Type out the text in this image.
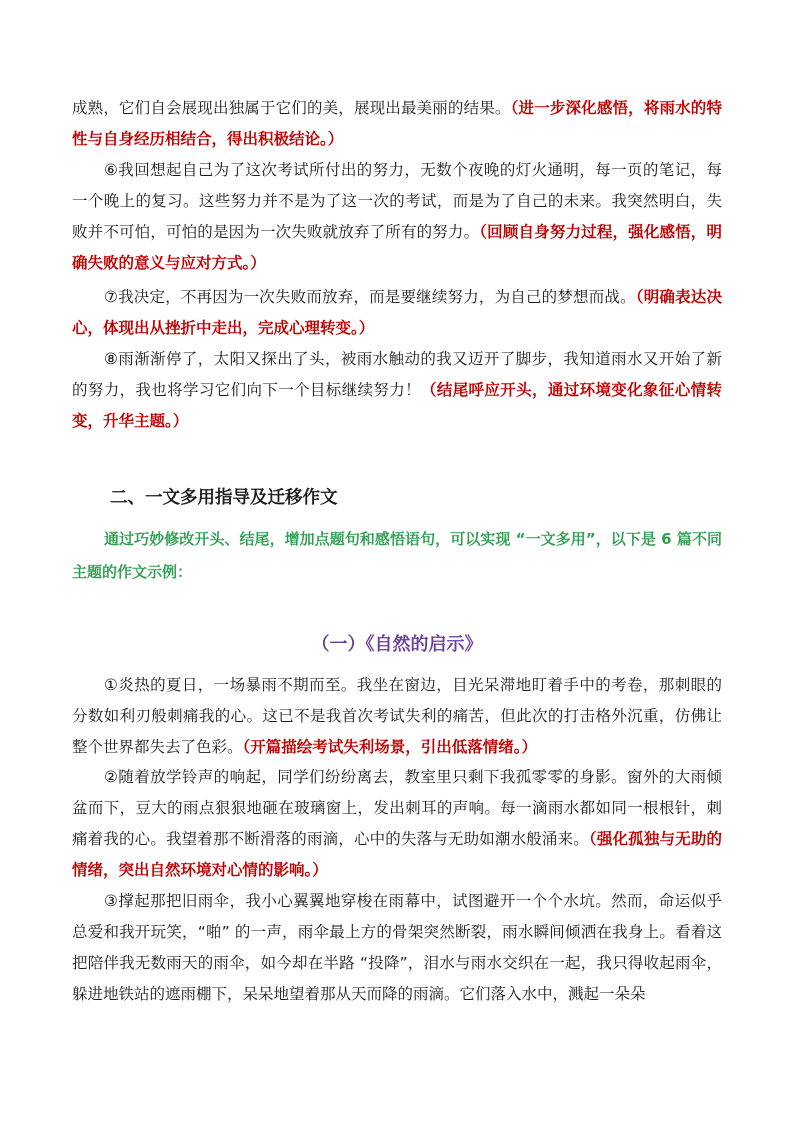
成熟，它们自会展现出独属于它们的美，展现出最美丽的结果。（进一步深化感悟，将雨水的特性与自身经历相结合，得出积极结论。）

⑥我回想起自己为了这次考试所付出的努力，无数个夜晚的灯火通明，每一页的笔记，每一个晚上的复习。这些努力并不是为了这一次的考试，而是为了自己的未来。我突然明白，失败并不可怕，可怕的是因为一次失败就放弃了所有的努力。（回顾自身努力过程，强化感悟，明确失败的意义与应对方式。）

⑦我决定，不再因为一次失败而放弃，而是要继续努力，为自己的梦想而战。（明确表达决心，体现出从挫折中走出，完成心理转变。）

⑧雨渐渐停了，太阳又探出了头，被雨水触动的我又迈开了脚步，我知道雨水又开始了新的努力，我也将学习它们向下一个目标继续努力！（结尾呼应开头，通过环境变化象征心情转变，升华主题。）

二、一文多用指导及迁移作文

通过巧妙修改开头、结尾，增加点题句和感悟语句，可以实现 “一文多用”，以下是 6 篇不同主题的作文示例：

（一）《自然的启示》

①炎热的夏日，一场暴雨不期而至。我坐在窗边，目光呆滞地盯着手中的考卷，那刺眼的分数如利刃般刺痛我的心。这已不是我首次考试失利的痛苦，但此次的打击格外沉重，仿佛让整个世界都失去了色彩。（开篇描绘考试失利场景，引出低落情绪。）

②随着放学铃声的响起，同学们纷纷离去，教室里只剩下我孤零零的身影。窗外的大雨倾盆而下，豆大的雨点狠狠地砸在玻璃窗上，发出刺耳的声响。每一滴雨水都如同一根根针，刺痛着我的心。我望着那不断滑落的雨滴，心中的失落与无助如潮水般涌来。（强化孤独与无助的情绪，突出自然环境对心情的影响。）

③撑起那把旧雨伞，我小心翼翼地穿梭在雨幕中，试图避开一个个水坑。然而，命运似乎总爱和我开玩笑，“啪” 的一声，雨伞最上方的骨架突然断裂，雨水瞬间倾洒在我身上。看着这把陪伴我无数雨天的雨伞，如今却在半路 “投降”，泪水与雨水交织在一起，我只得收起雨伞，躲进地铁站的遮雨棚下，呆呆地望着那从天而降的雨滴。它们落入水中，溅起一朵朵
